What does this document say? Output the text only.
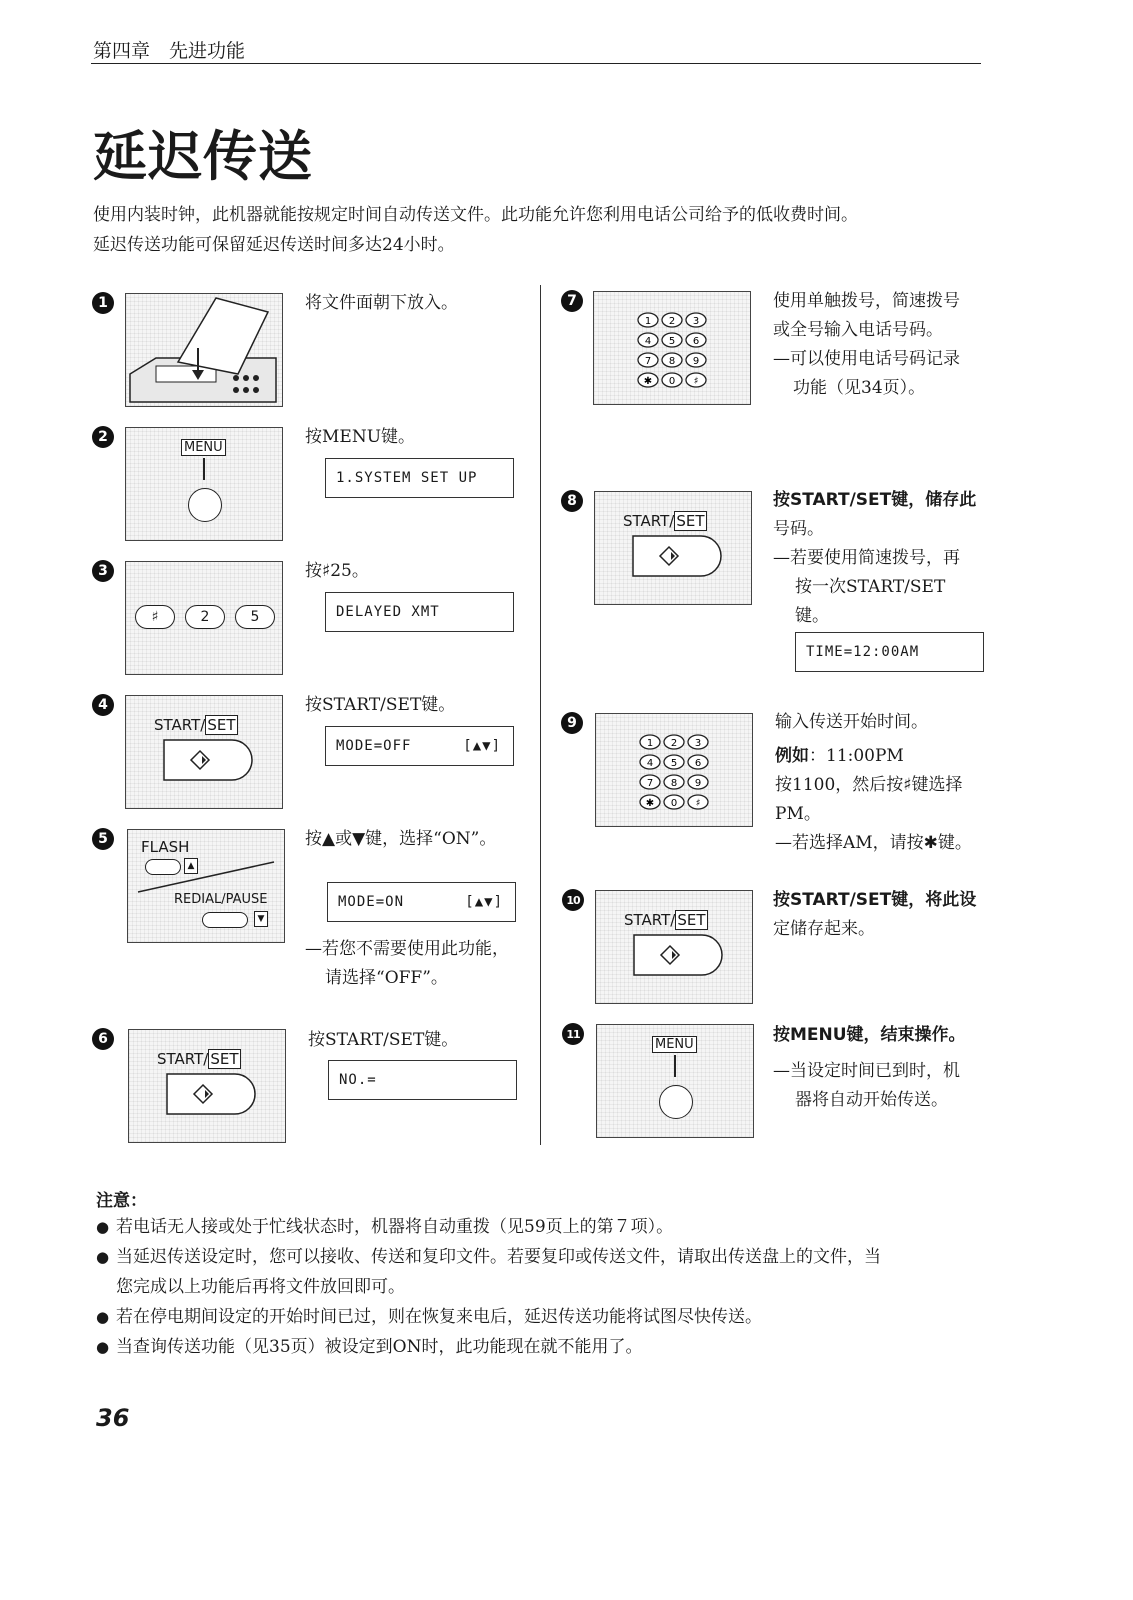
第四章　先进功能
延迟传送
使用内装时钟，此机器就能按规定时间自动传送文件。此功能允许您利用电话公司给予的低收费时间。
延迟传送功能可保留延迟传送时间多达24小时。
1	将文件面朝下放入。
2
MENU
按MENU键。
1.SYSTEM SET UP
3
♯	2	5
按♯25。
DELAYED XMT
4
START/ SET
按START/SET键。
MODE=OFF	[▲▼]
5	FLASH
▲
REDIAL/PAUSE
▼
按▲或▼键，选择“ON”。
MODE=ON	[▲▼]
—若您不需要使用此功能，
请选择“OFF”。
6
START/ SET
按START/SET键。
NO.=
7
1 2 3
4 5 6
7 8 9
✱ 0 ♯
使用单触拨号，简速拨号
或全号输入电话号码。
—可以使用电话号码记录
功能（见34页）。
8
START/ SET
按START/SET键，储存此
号码。
—若要使用简速拨号，再
按一次START/SET
键。
TIME=12:00AM
9
1 2 3
4 5 6
7 8 9
✱ 0 ♯
输入传送开始时间。
例如：11:00PM
按1100，然后按♯键选择
PM。
—若选择AM，请按✱键。
10
START/ SET
按START/SET键，将此设
定储存起来。
11
MENU	按MENU键，结束操作。
—当设定时间已到时，机
器将自动开始传送。
注意：
● 若电话无人接或处于忙线状态时，机器将自动重拨（见59页上的第７项）。
● 当延迟传送设定时，您可以接收、传送和复印文件。若要复印或传送文件，请取出传送盘上的文件，当
您完成以上功能后再将文件放回即可。
● 若在停电期间设定的开始时间已过，则在恢复来电后，延迟传送功能将试图尽快传送。
● 当查询传送功能（见35页）被设定到ON时，此功能现在就不能用了。
36
